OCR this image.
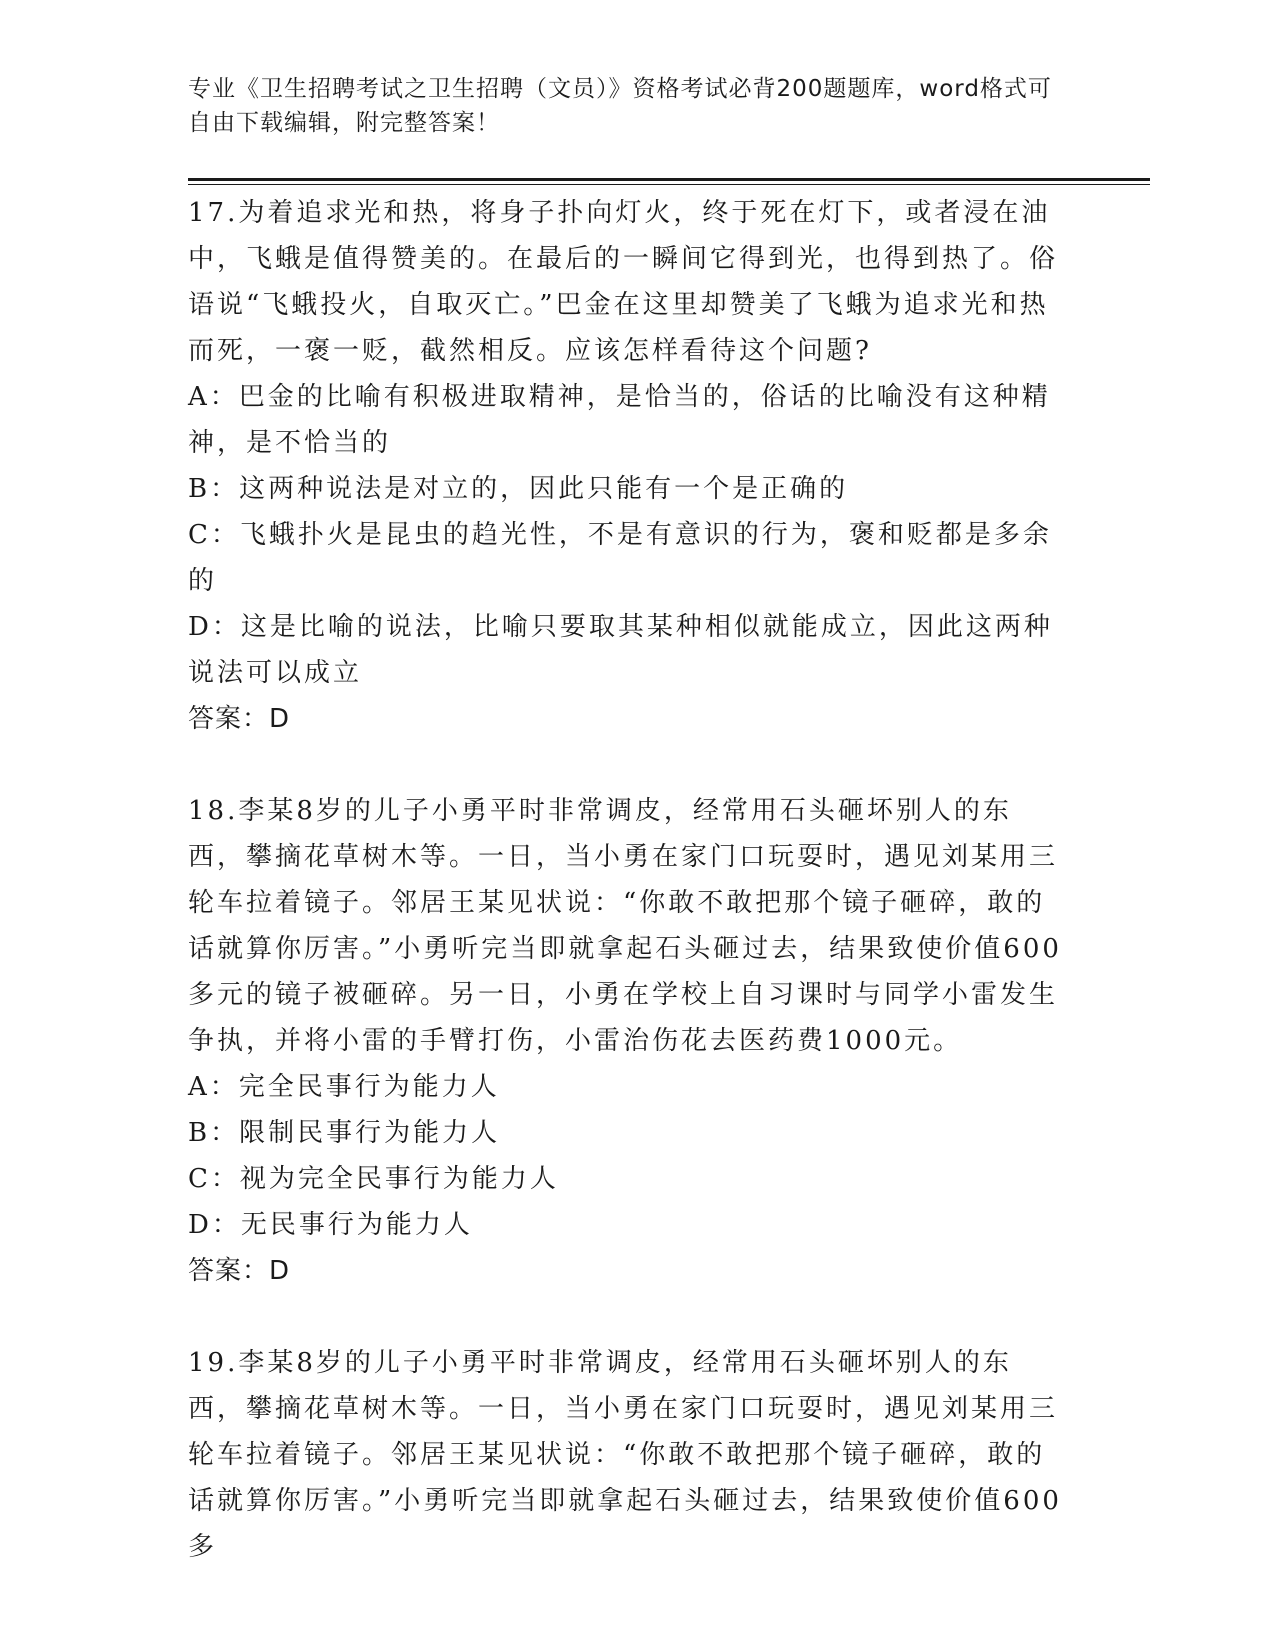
专业《卫生招聘考试之卫生招聘（文员）》资格考试必背200题题库，word格式可自由下载编辑，附完整答案！

17.为着追求光和热，将身子扑向灯火，终于死在灯下，或者浸在油中，飞蛾是值得赞美的。在最后的一瞬间它得到光，也得到热了。俗语说“飞蛾投火，自取灭亡。”巴金在这里却赞美了飞蛾为追求光和热而死，一褒一贬，截然相反。应该怎样看待这个问题?

A：巴金的比喻有积极进取精神，是恰当的，俗话的比喻没有这种精神，是不恰当的

B：这两种说法是对立的，因此只能有一个是正确的

C：飞蛾扑火是昆虫的趋光性，不是有意识的行为，褒和贬都是多余的

D：这是比喻的说法，比喻只要取其某种相似就能成立，因此这两种说法可以成立

答案：D

18.李某8岁的儿子小勇平时非常调皮，经常用石头砸坏别人的东西，攀摘花草树木等。一日，当小勇在家门口玩耍时，遇见刘某用三轮车拉着镜子。邻居王某见状说：“你敢不敢把那个镜子砸碎，敢的话就算你厉害。”小勇听完当即就拿起石头砸过去，结果致使价值600多元的镜子被砸碎。另一日，小勇在学校上自习课时与同学小雷发生争执，并将小雷的手臂打伤，小雷治伤花去医药费1000元。

A：完全民事行为能力人

B：限制民事行为能力人

C：视为完全民事行为能力人

D：无民事行为能力人

答案：D

19.李某8岁的儿子小勇平时非常调皮，经常用石头砸坏别人的东西，攀摘花草树木等。一日，当小勇在家门口玩耍时，遇见刘某用三轮车拉着镜子。邻居王某见状说：“你敢不敢把那个镜子砸碎，敢的话就算你厉害。”小勇听完当即就拿起石头砸过去，结果致使价值600多
